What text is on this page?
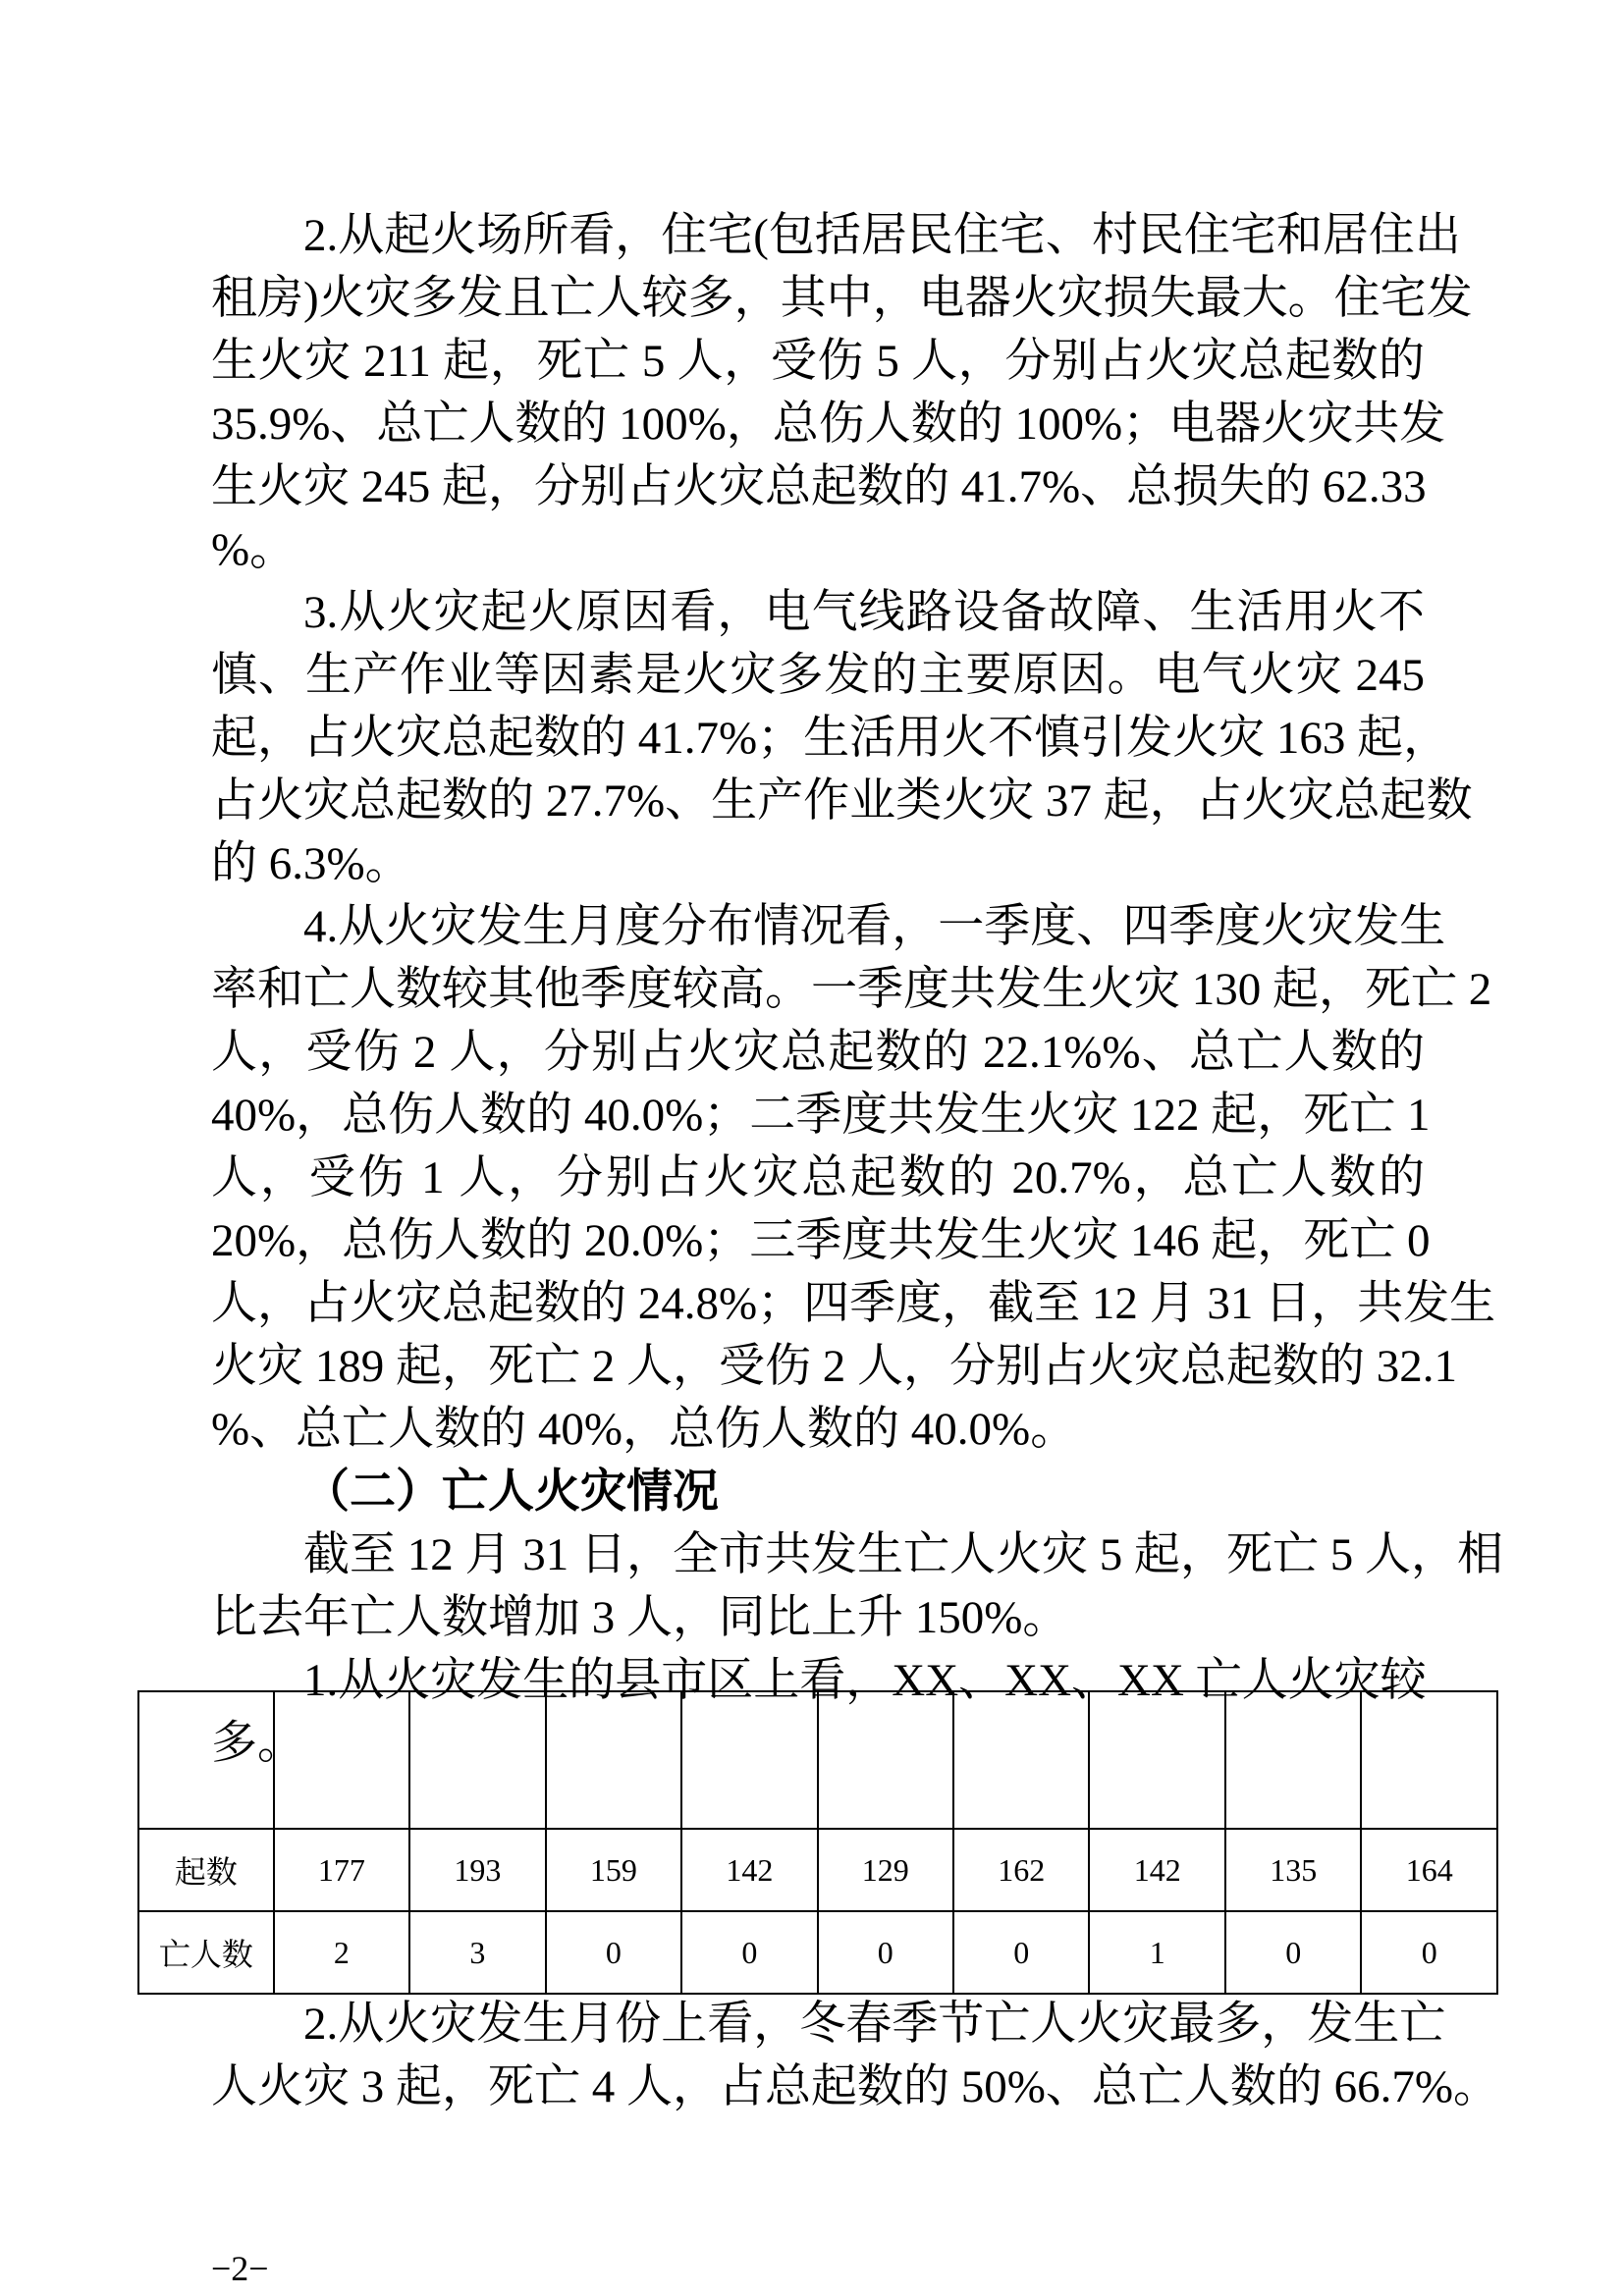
2.从起火场所看，住宅(包括居民住宅、村民住宅和居住出
租房)火灾多发且亡人较多，其中，电器火灾损失最大。住宅发
生火灾 211 起，死亡 5 人，受伤 5 人，分别占火灾总起数的
35.9%、总亡人数的 100%，总伤人数的 100%；电器火灾共发
生火灾 245 起，分别占火灾总起数的 41.7%、总损失的 62.33
%。
3.从火灾起火原因看，电气线路设备故障、生活用火不
慎、生产作业等因素是火灾多发的主要原因。电气火灾 245
起，占火灾总起数的 41.7%；生活用火不慎引发火灾 163 起，
占火灾总起数的 27.7%、生产作业类火灾 37 起，占火灾总起数
的 6.3%。
4.从火灾发生月度分布情况看，一季度、四季度火灾发生
率和亡人数较其他季度较高。一季度共发生火灾 130 起，死亡 2
人，受伤 2 人，分别占火灾总起数的 22.1%%、总亡人数的
40%，总伤人数的 40.0%；二季度共发生火灾 122 起，死亡 1
人，受伤 1 人，分别占火灾总起数的 20.7%，总亡人数的
20%，总伤人数的 20.0%；三季度共发生火灾 146 起，死亡 0
人，占火灾总起数的 24.8%；四季度，截至 12 月 31 日，共发生
火灾 189 起，死亡 2 人，受伤 2 人，分别占火灾总起数的 32.1
%、总亡人数的 40%，总伤人数的 40.0%。
（二）亡人火灾情况
截至 12 月 31 日，全市共发生亡人火灾 5 起，死亡 5 人，相
比去年亡人数增加 3 人，同比上升 150%。
1.从火灾发生的县市区上看，XX、XX、XX 亡人火灾较
多。

起数	177	193	159	142	129	162	142	135	164
亡人数	2	3	0	0	0	0	1	0	0
2.从火灾发生月份上看，冬春季节亡人火灾最多，发生亡
人火灾 3 起，死亡 4 人，占总起数的 50%、总亡人数的 66.7%。
−2−
